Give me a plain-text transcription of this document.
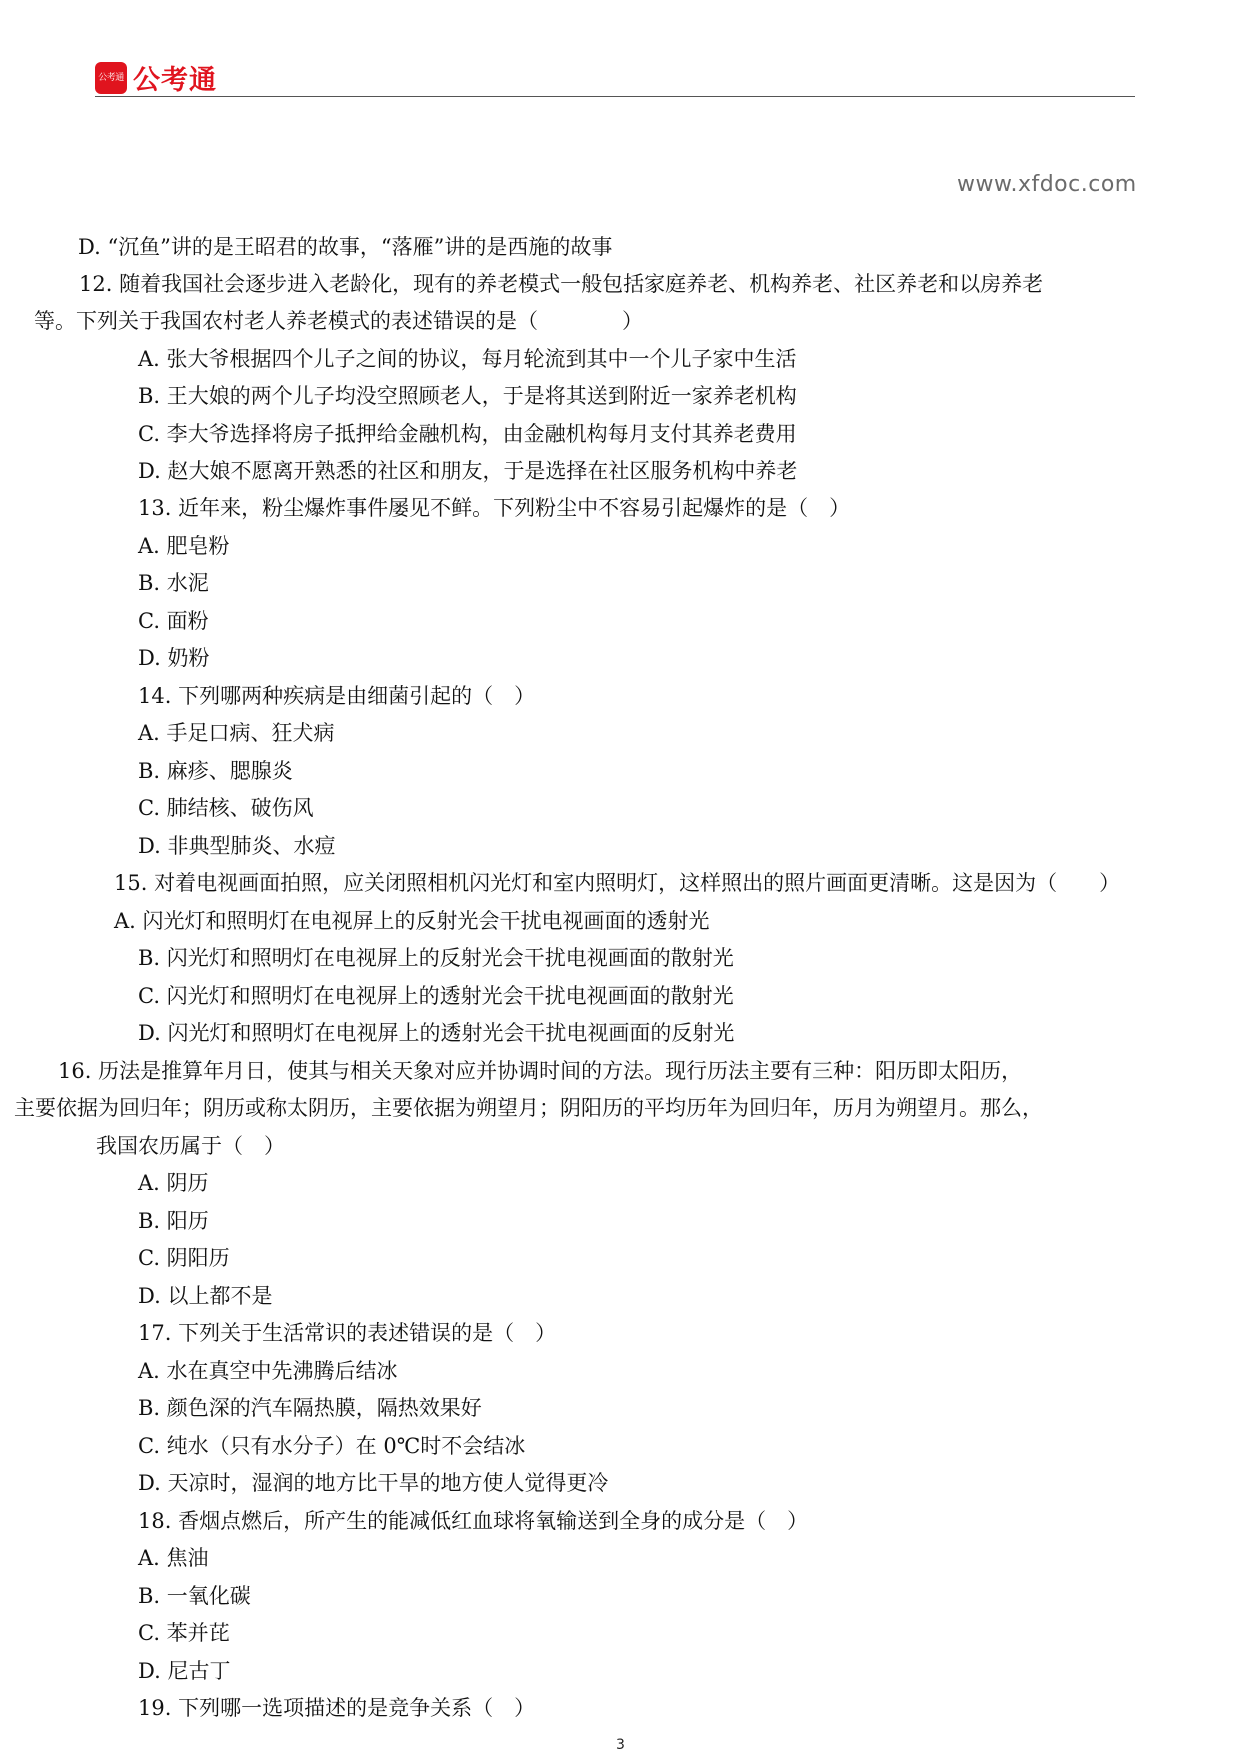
公考通 公考通
www.xfdoc.com
D. “沉鱼”讲的是王昭君的故事，“落雁”讲的是西施的故事
12. 随着我国社会逐步进入老龄化，现有的养老模式一般包括家庭养老、机构养老、社区养老和以房养老
等。下列关于我国农村老人养老模式的表述错误的是（　　　　）
A. 张大爷根据四个儿子之间的协议，每月轮流到其中一个儿子家中生活
B. 王大娘的两个儿子均没空照顾老人，于是将其送到附近一家养老机构
C. 李大爷选择将房子抵押给金融机构，由金融机构每月支付其养老费用
D. 赵大娘不愿离开熟悉的社区和朋友，于是选择在社区服务机构中养老
13. 近年来，粉尘爆炸事件屡见不鲜。下列粉尘中不容易引起爆炸的是（　）
A. 肥皂粉
B. 水泥
C. 面粉
D. 奶粉
14. 下列哪两种疾病是由细菌引起的（　）
A. 手足口病、狂犬病
B. 麻疹、腮腺炎
C. 肺结核、破伤风
D. 非典型肺炎、水痘
15. 对着电视画面拍照，应关闭照相机闪光灯和室内照明灯，这样照出的照片画面更清晰。这是因为（　　）
A. 闪光灯和照明灯在电视屏上的反射光会干扰电视画面的透射光
B. 闪光灯和照明灯在电视屏上的反射光会干扰电视画面的散射光
C. 闪光灯和照明灯在电视屏上的透射光会干扰电视画面的散射光
D. 闪光灯和照明灯在电视屏上的透射光会干扰电视画面的反射光
16. 历法是推算年月日，使其与相关天象对应并协调时间的方法。现行历法主要有三种：阳历即太阳历，
主要依据为回归年；阴历或称太阴历，主要依据为朔望月；阴阳历的平均历年为回归年，历月为朔望月。那么，
我国农历属于（　）
A. 阴历
B. 阳历
C. 阴阳历
D. 以上都不是
17. 下列关于生活常识的表述错误的是（　）
A. 水在真空中先沸腾后结冰
B. 颜色深的汽车隔热膜，隔热效果好
C. 纯水（只有水分子）在 0℃时不会结冰
D. 天凉时，湿润的地方比干旱的地方使人觉得更冷
18. 香烟点燃后，所产生的能减低红血球将氧输送到全身的成分是（　）
A. 焦油
B. 一氧化碳
C. 苯并芘
D. 尼古丁
19. 下列哪一选项描述的是竞争关系（　）
3
